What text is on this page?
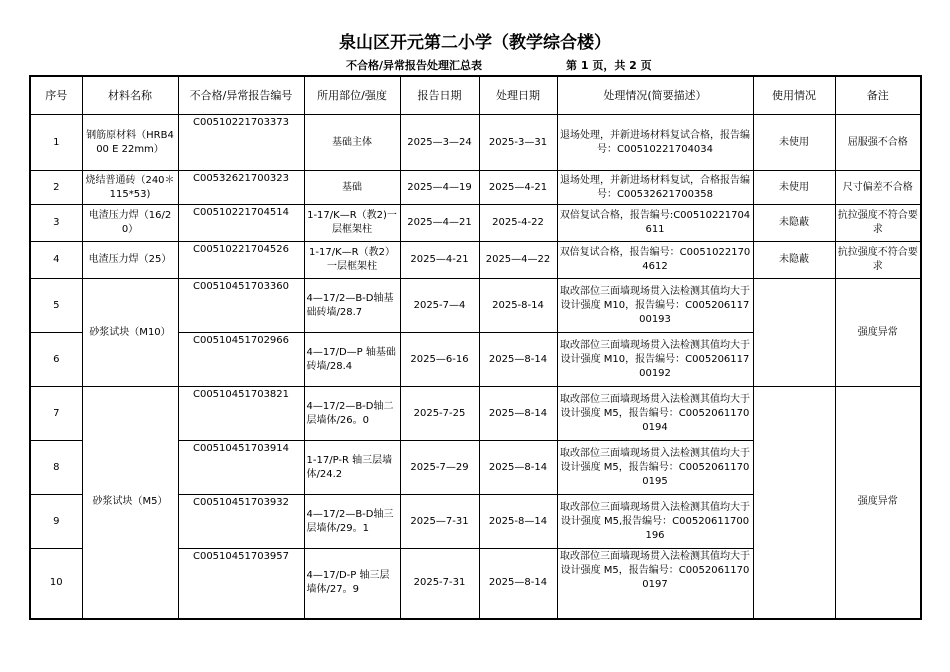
泉山区开元第二小学（教学综合楼）
不合格/异常报告处理汇总表	第 1 页，共 2 页
序号	材料名称	不合格/异常报告编号	所用部位/强度	报告日期	处理日期	处理情况(简要描述）	使用情况	备注
1	钢筋原材料（HRB400 E 22mm）	C00510221703373	基础主体	2025—3—24	2025-3—31	退场处理，并新进场材料复试合格，报告编号：C00510221704034	未使用	屈服强不合格
2	烧结普通砖（240＊115*53)	C00532621700323	基础	2025—4—19	2025—4-21	退场处理，并新进场材料复试，合格报告编号：C00532621700358	未使用	尺寸偏差不合格
3	电渣压力焊（16/20）	C00510221704514	1-17/K—R（教2)一层框架柱	2025—4—21	2025-4-22	双倍复试合格，报告编号:C00510221704611	未隐蔽	抗拉强度不符合要求
4	电渣压力焊（25）	C00510221704526	1-17/K—R（教2）一层框架柱	2025—4-21	2025—4—22	双倍复试合格，报告编号：C00510221704612	未隐蔽	抗拉强度不符合要求
5	砂浆试块（M10）	C00510451703360	4—17/2—B-D轴基础砖墙/28.7	2025-7—4	2025-8-14	取改部位三面墙现场贯入法检测其值均大于设计强度 M10，报告编号：C00520611700193		强度异常
6		C00510451702966	4—17/D—P 轴基础砖墙/28.4	2025—6-16	2025—8-14	取改部位三面墙现场贯入法检测其值均大于设计强度 M10，报告编号：C00520611700192		
7	砂浆试块（M5）	C00510451703821	4—17/2—B-D轴二层墙体/26。0	2025-7-25	2025—8-14	取改部位三面墙现场贯入法检测其值均大于设计强度 M5，报告编号：C00520611700194		强度异常
8		C00510451703914	1-17/P-R 轴三层墙体/24.2	2025-7—29	2025—8-14	取改部位三面墙现场贯入法检测其值均大于设计强度 M5，报告编号：C00520611700195		
9		C00510451703932	4—17/2—B-D轴三层墙体/29。1	2025—7-31	2025-8—14	取改部位三面墙现场贯入法检测其值均大于设计强度 M5,报告编号：C00520611700196		
10		C00510451703957	4—17/D-P 轴三层墙体/27。9	2025-7-31	2025—8-14	取改部位三面墙现场贯入法检测其值均大于设计强度 M5，报告编号：C00520611700197		
